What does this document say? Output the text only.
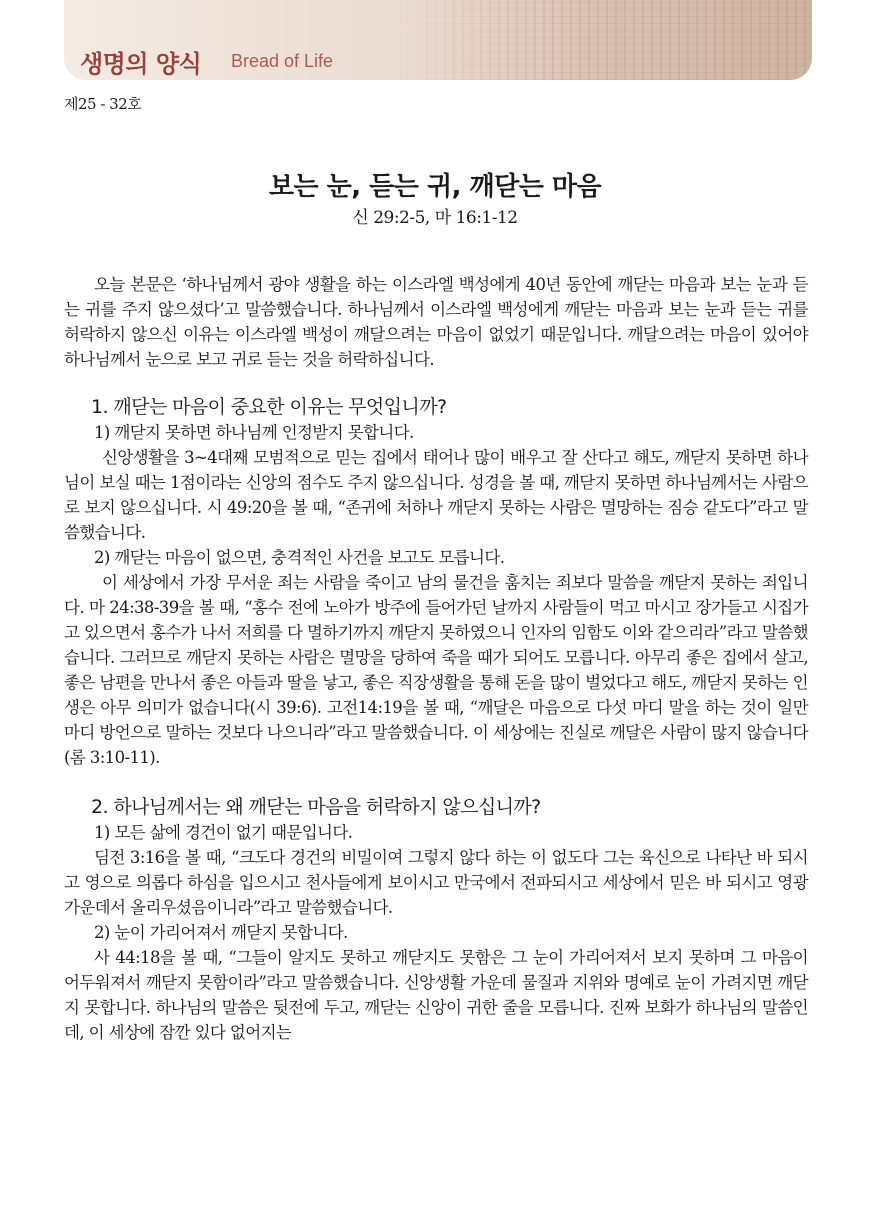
생명의 양식 Bread of Life
제25 - 32호
보는 눈, 듣는 귀, 깨닫는 마음
신 29:2-5, 마 16:1-12

오늘 본문은 ‘하나님께서 광야 생활을 하는 이스라엘 백성에게 40년 동안에 깨닫는 마음과 보는 눈과 듣는 귀를 주지 않으셨다’고 말씀했습니다. 하나님께서 이스라엘 백성에게 깨닫는 마음과 보는 눈과 듣는 귀를 허락하지 않으신 이유는 이스라엘 백성이 깨달으려는 마음이 없었기 때문입니다. 깨달으려는 마음이 있어야 하나님께서 눈으로 보고 귀로 듣는 것을 허락하십니다.

1. 깨닫는 마음이 중요한 이유는 무엇입니까?

1) 깨닫지 못하면 하나님께 인정받지 못합니다.

신앙생활을 3~4대째 모범적으로 믿는 집에서 태어나 많이 배우고 잘 산다고 해도, 깨닫지 못하면 하나님이 보실 때는 1점이라는 신앙의 점수도 주지 않으십니다. 성경을 볼 때, 깨닫지 못하면 하나님께서는 사람으로 보지 않으십니다. 시 49:20을 볼 때, “존귀에 처하나 깨닫지 못하는 사람은 멸망하는 짐승 같도다”라고 말씀했습니다.

2) 깨닫는 마음이 없으면, 충격적인 사건을 보고도 모릅니다.

이 세상에서 가장 무서운 죄는 사람을 죽이고 남의 물건을 훔치는 죄보다 말씀을 깨닫지 못하는 죄입니다. 마 24:38-39을 볼 때, “홍수 전에 노아가 방주에 들어가던 날까지 사람들이 먹고 마시고 장가들고 시집가고 있으면서 홍수가 나서 저희를 다 멸하기까지 깨닫지 못하였으니 인자의 임함도 이와 같으리라”라고 말씀했습니다. 그러므로 깨닫지 못하는 사람은 멸망을 당하여 죽을 때가 되어도 모릅니다. 아무리 좋은 집에서 살고, 좋은 남편을 만나서 좋은 아들과 딸을 낳고, 좋은 직장생활을 통해 돈을 많이 벌었다고 해도, 깨닫지 못하는 인생은 아무 의미가 없습니다(시 39:6). 고전14:19을 볼 때, “깨달은 마음으로 다섯 마디 말을 하는 것이 일만 마디 방언으로 말하는 것보다 나으니라”라고 말씀했습니다. 이 세상에는 진실로 깨달은 사람이 많지 않습니다(롬 3:10-11).

2. 하나님께서는 왜 깨닫는 마음을 허락하지 않으십니까?

1) 모든 삶에 경건이 없기 때문입니다.

딤전 3:16을 볼 때, “크도다 경건의 비밀이여 그렇지 않다 하는 이 없도다 그는 육신으로 나타난 바 되시고 영으로 의롭다 하심을 입으시고 천사들에게 보이시고 만국에서 전파되시고 세상에서 믿은 바 되시고 영광 가운데서 올리우셨음이니라”라고 말씀했습니다.

2) 눈이 가리어져서 깨닫지 못합니다.

사 44:18을 볼 때, “그들이 알지도 못하고 깨닫지도 못함은 그 눈이 가리어져서 보지 못하며 그 마음이 어두워져서 깨닫지 못함이라”라고 말씀했습니다. 신앙생활 가운데 물질과 지위와 명예로 눈이 가려지면 깨닫지 못합니다. 하나님의 말씀은 뒷전에 두고, 깨닫는 신앙이 귀한 줄을 모릅니다. 진짜 보화가 하나님의 말씀인데, 이 세상에 잠깐 있다 없어지는
